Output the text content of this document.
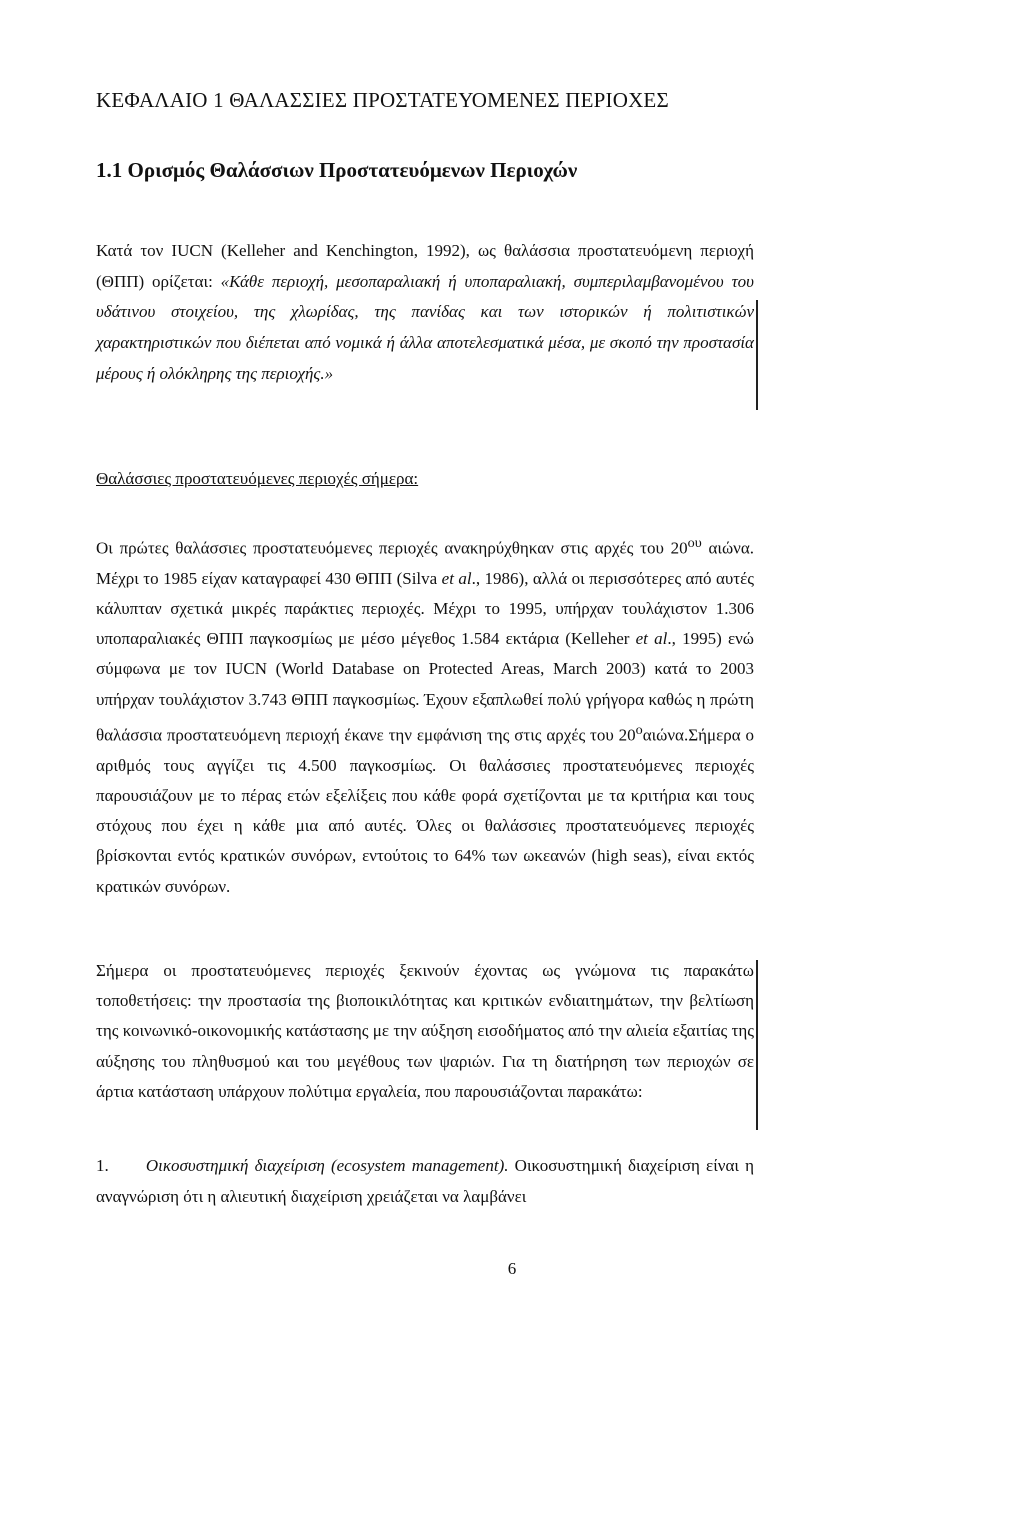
ΚΕΦΑΛΑΙΟ 1 ΘΑΛΑΣΣΙΕΣ ΠΡΟΣΤΑΤΕΥΟΜΕΝΕΣ ΠΕΡΙΟΧΕΣ
1.1 Ορισμός Θαλάσσιων Προστατευόμενων Περιοχών

Κατά τον IUCN (Kelleher and Kenchington, 1992), ως θαλάσσια προστατευόμενη περιοχή (ΘΠΠ) ορίζεται: «Κάθε περιοχή, μεσοπαραλιακή ή υποπαραλιακή, συμπεριλαμβανομένου του υδάτινου στοιχείου, της χλωρίδας, της πανίδας και των ιστορικών ή πολιτιστικών χαρακτηριστικών που διέπεται από νομικά ή άλλα αποτελεσματικά μέσα, με σκοπό την προστασία μέρους ή ολόκληρης της περιοχής.»

Θαλάσσιες προστατευόμενες περιοχές σήμερα:

Οι πρώτες θαλάσσιες προστατευόμενες περιοχές ανακηρύχθηκαν στις αρχές του $20^{o\upsilon}$ αιώνα. Μέχρι το 1985 είχαν καταγραφεί 430 ΘΠΠ (Silva et al., 1986), αλλά οι περισσότερες από αυτές κάλυπταν σχετικά μικρές παράκτιες περιοχές. Μέχρι το 1995, υπήρχαν τουλάχιστον 1.306 υποπαραλιακές ΘΠΠ παγκοσμίως με μέσο μέγεθος 1.584 εκτάρια (Kelleher et al., 1995) ενώ σύμφωνα με τον IUCN (World Database on Protected Areas, March 2003) κατά το 2003 υπήρχαν τουλάχιστον 3.743 ΘΠΠ παγκοσμίως. Έχουν εξαπλωθεί πολύ γρήγορα καθώς η πρώτη θαλάσσια προστατευόμενη περιοχή έκανε την εμφάνιση της στις αρχές του $20^o\alpha\iota ώ\nu\alpha.\Sigma ή\mu\varepsilon\rho\alpha$ ο αριθμός τους αγγίζει τις 4.500 παγκοσμίως. Οι θαλάσσιες προστατευόμενες περιοχές παρουσιάζουν με το πέρας ετών εξελίξεις που κάθε φορά σχετίζονται με τα κριτήρια και τους στόχους που έχει η κάθε μια από αυτές. Όλες οι θαλάσσιες προστατευόμενες περιοχές βρίσκονται εντός κρατικών συνόρων, εντούτοις το 64% των ωκεανών (high seas), είναι εκτός κρατικών συνόρων.

Σήμερα οι προστατευόμενες περιοχές ξεκινούν έχοντας ως γνώμονα τις παρακάτω τοποθετήσεις: την προστασία της βιοποικιλότητας και κριτικών ενδιαιτημάτων, την βελτίωση της κοινωνικό-οικονομικής κατάστασης με την αύξηση εισοδήματος από την αλιεία εξαιτίας της αύξησης του πληθυσμού και του μεγέθους των ψαριών. Για τη διατήρηση των περιοχών σε άρτια κατάσταση υπάρχουν πολύτιμα εργαλεία, που παρουσιάζονται παρακάτω:

1. Οικοσυστημική διαχείριση (ecosystem management). Οικοσυστημική διαχείριση είναι η αναγνώριση ότι η αλιευτική διαχείριση χρειάζεται να λαμβάνει

6
